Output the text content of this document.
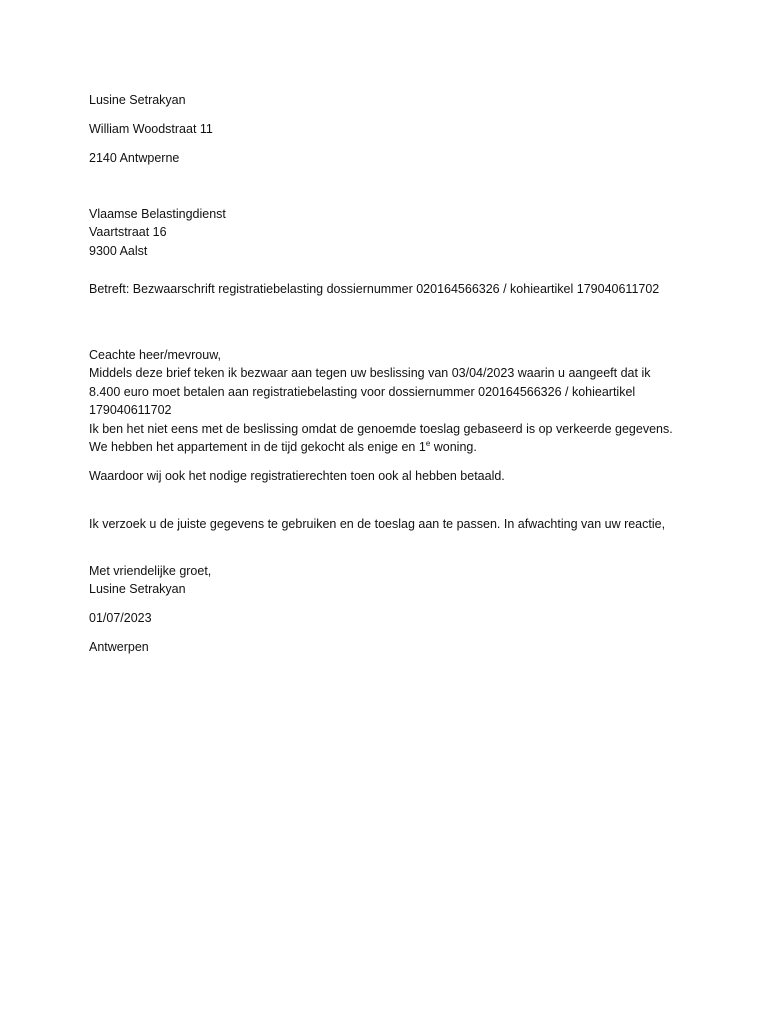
Lusine Setrakyan
William Woodstraat 11
2140 Antwperne
Vlaamse Belastingdienst
Vaartstraat 16
9300 Aalst
Betreft: Bezwaarschrift registratiebelasting dossiernummer 020164566326 / kohieartikel 179040611702
Ceachte heer/mevrouw,
Middels deze brief teken ik bezwaar aan tegen uw beslissing van 03/04/2023 waarin u aangeeft dat ik
8.400 euro moet betalen aan registratiebelasting voor dossiernummer 020164566326 / kohieartikel
179040611702
Ik ben het niet eens met de beslissing omdat de genoemde toeslag gebaseerd is op verkeerde gegevens.
We hebben het appartement in de tijd gekocht als enige en 1e woning.
Waardoor wij ook het nodige registratierechten toen ook al hebben betaald.
Ik verzoek u de juiste gegevens te gebruiken en de toeslag aan te passen. In afwachting van uw reactie,
Met vriendelijke groet,
Lusine Setrakyan
01/07/2023
Antwerpen
